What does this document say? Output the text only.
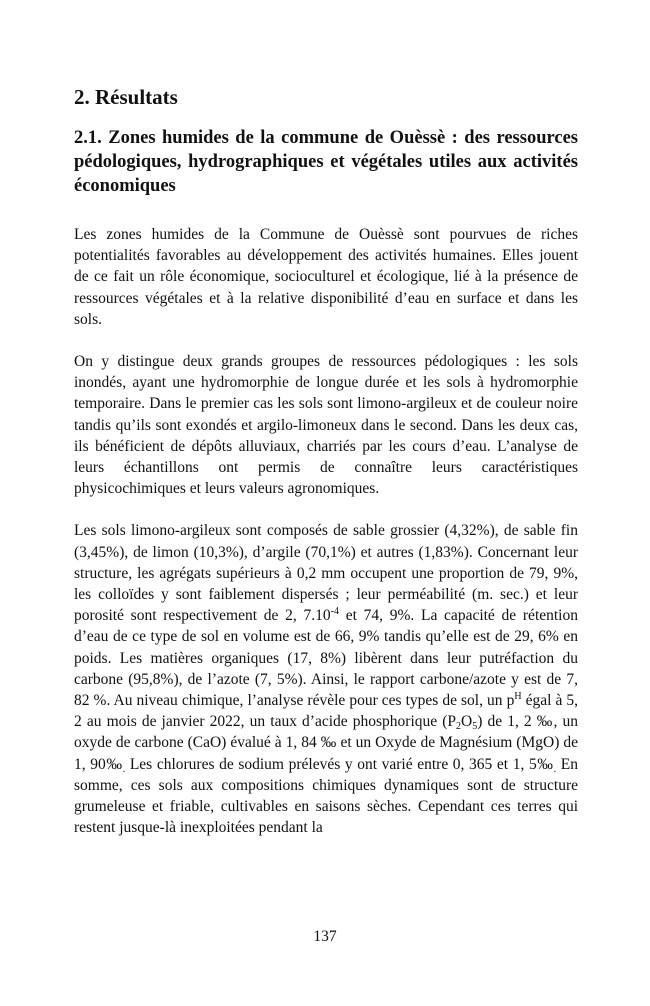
2. Résultats
2.1. Zones humides de la commune de Ouèssè : des ressources pédologiques, hydrographiques et végétales utiles aux activités économiques

Les zones humides de la Commune de Ouèssè sont pourvues de riches potentialités favorables au développement des activités humaines. Elles jouent de ce fait un rôle économique, socioculturel et écologique, lié à la présence de ressources végétales et à la relative disponibilité d’eau en surface et dans les sols.

On y distingue deux grands groupes de ressources pédologiques : les sols inondés, ayant une hydromorphie de longue durée et les sols à hydromorphie temporaire. Dans le premier cas les sols sont limono-argileux et de couleur noire tandis qu’ils sont exondés et argilo-limoneux dans le second. Dans les deux cas, ils bénéficient de dépôts alluviaux, charriés par les cours d’eau. L’analyse de leurs échantillons ont permis de connaître leurs caractéristiques physicochimiques et leurs valeurs agronomiques.

Les sols limono-argileux sont composés de sable grossier (4,32%), de sable fin (3,45%), de limon (10,3%), d’argile (70,1%) et autres (1,83%). Concernant leur structure, les agrégats supérieurs à 0,2 mm occupent une proportion de 79, 9%, les colloïdes y sont faiblement dispersés ; leur perméabilité (m. sec.) et leur porosité sont respectivement de 2, $7.10^{-4}$ et 74, 9%. La capacité de rétention d’eau de ce type de sol en volume est de 66, 9% tandis qu’elle est de 29, 6% en poids. Les matières organiques (17, 8%) libèrent dans leur putréfaction du carbone (95,8%), de l’azote (7, 5%). Ainsi, le rapport carbone/azote y est de 7, 82 %. Au niveau chimique, l’analyse révèle pour ces types de sol, un $p^H$ égal à 5, 2 au mois de janvier 2022, un taux d’acide phosphorique $(P_2O_5)$ de 1, 2 ‰, un oxyde de carbone (CaO) évalué à 1, 84 ‰ et un Oxyde de Magnésium (MgO) de 1, $90‰_.$ Les chlorures de sodium prélevés y ont varié entre 0, 365 et 1, $5‰_.$ En somme, ces sols aux compositions chimiques dynamiques sont de structure grumeleuse et friable, cultivables en saisons sèches. Cependant ces terres qui restent jusque-là inexploitées pendant la

137
